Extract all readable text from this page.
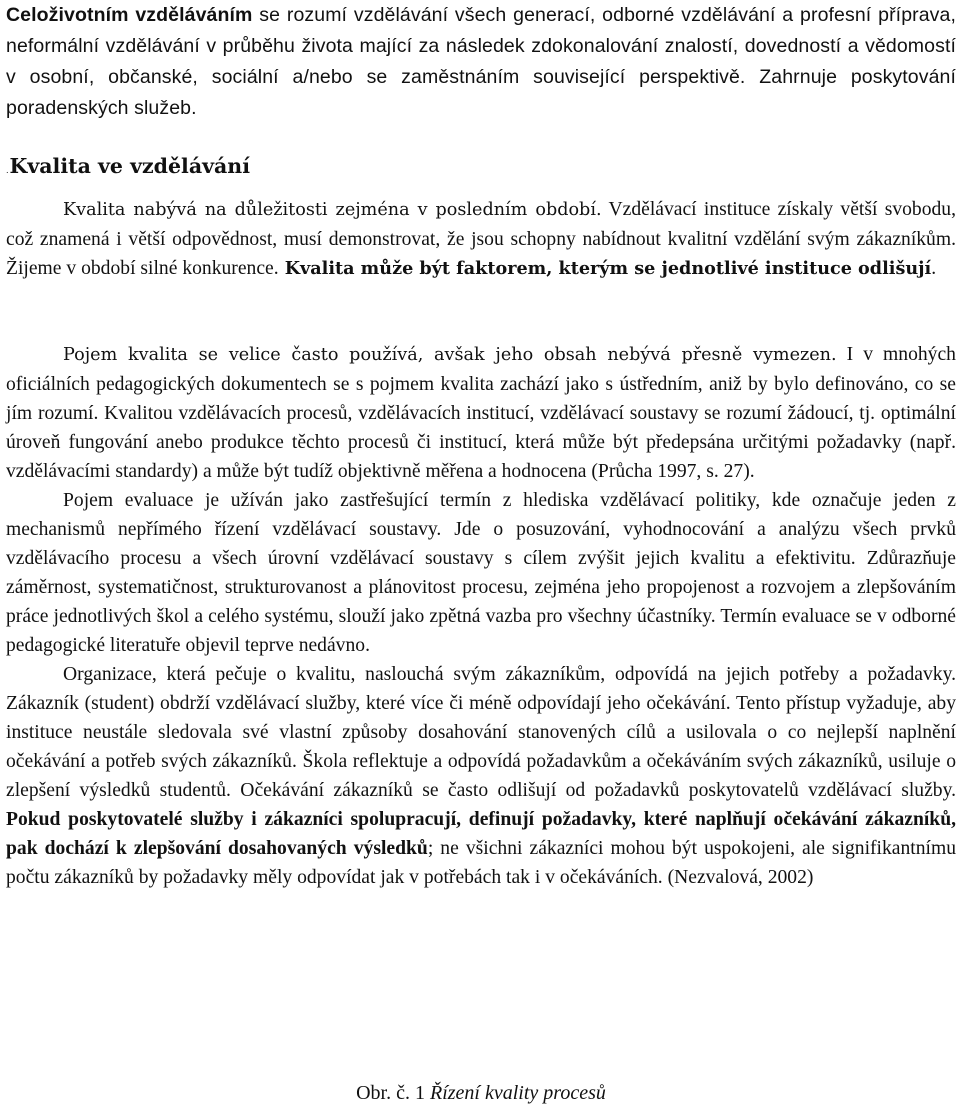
Celoživotním vzděláváním se rozumí vzdělávání všech generací, odborné vzdělávání a profesní příprava, neformální vzdělávání v průběhu života mající za následek zdokonalování znalostí, dovedností a vědomostí v osobní, občanské, sociální a/nebo se zaměstnáním související perspektivě. Zahrnuje poskytování poradenských služeb.

.Kvalita ve vzdělávání

Kvalita nabývá na důležitosti zejména v posledním období. Vzdělávací instituce získaly větší svobodu, což znamená i větší odpovědnost, musí demonstrovat, že jsou schopny nabídnout kvalitní vzdělání svým zákazníkům. Žijeme v období silné konkurence. Kvalita může být faktorem, kterým se jednotlivé instituce odlišují.

Pojem kvalita se velice často používá, avšak jeho obsah nebývá přesně vymezen. I v mnohých oficiálních pedagogických dokumentech se s pojmem kvalita zachází jako s ústředním, aniž by bylo definováno, co se jím rozumí. Kvalitou vzdělávacích procesů, vzdělávacích institucí, vzdělávací soustavy se rozumí žádoucí, tj. optimální úroveň fungování anebo produkce těchto procesů či institucí, která může být předepsána určitými požadavky (např. vzdělávacími standardy) a může být tudíž objektivně měřena a hodnocena (Průcha 1997, s. 27).

Pojem evaluace je užíván jako zastřešující termín z hlediska vzdělávací politiky, kde označuje jeden z mechanismů nepřímého řízení vzdělávací soustavy. Jde o posuzování, vyhodnocování a analýzu všech prvků vzdělávacího procesu a všech úrovní vzdělávací soustavy s cílem zvýšit jejich kvalitu a efektivitu. Zdůrazňuje záměrnost, systematičnost, strukturovanost a plánovitost procesu, zejména jeho propojenost a rozvojem a zlepšováním práce jednotlivých škol a celého systému, slouží jako zpětná vazba pro všechny účastníky. Termín evaluace se v odborné pedagogické literatuře objevil teprve nedávno.

Organizace, která pečuje o kvalitu, naslouchá svým zákazníkům, odpovídá na jejich potřeby a požadavky. Zákazník (student) obdrží vzdělávací služby, které více či méně odpovídají jeho očekávání. Tento přístup vyžaduje, aby instituce neustále sledovala své vlastní způsoby dosahování stanovených cílů a usilovala o co nejlepší naplnění očekávání a potřeb svých zákazníků. Škola reflektuje a odpovídá požadavkům a očekáváním svých zákazníků, usiluje o zlepšení výsledků studentů. Očekávání zákazníků se často odlišují od požadavků poskytovatelů vzdělávací služby. Pokud poskytovatelé služby i zákazníci spolupracují, definují požadavky, které naplňují očekávání zákazníků, pak dochází k zlepšování dosahovaných výsledků; ne všichni zákazníci mohou být uspokojeni, ale signifikantnímu počtu zákazníků by požadavky měly odpovídat jak v potřebách tak i v očekáváních. (Nezvalová, 2002)

Obr. č. 1 Řízení kvality procesů
